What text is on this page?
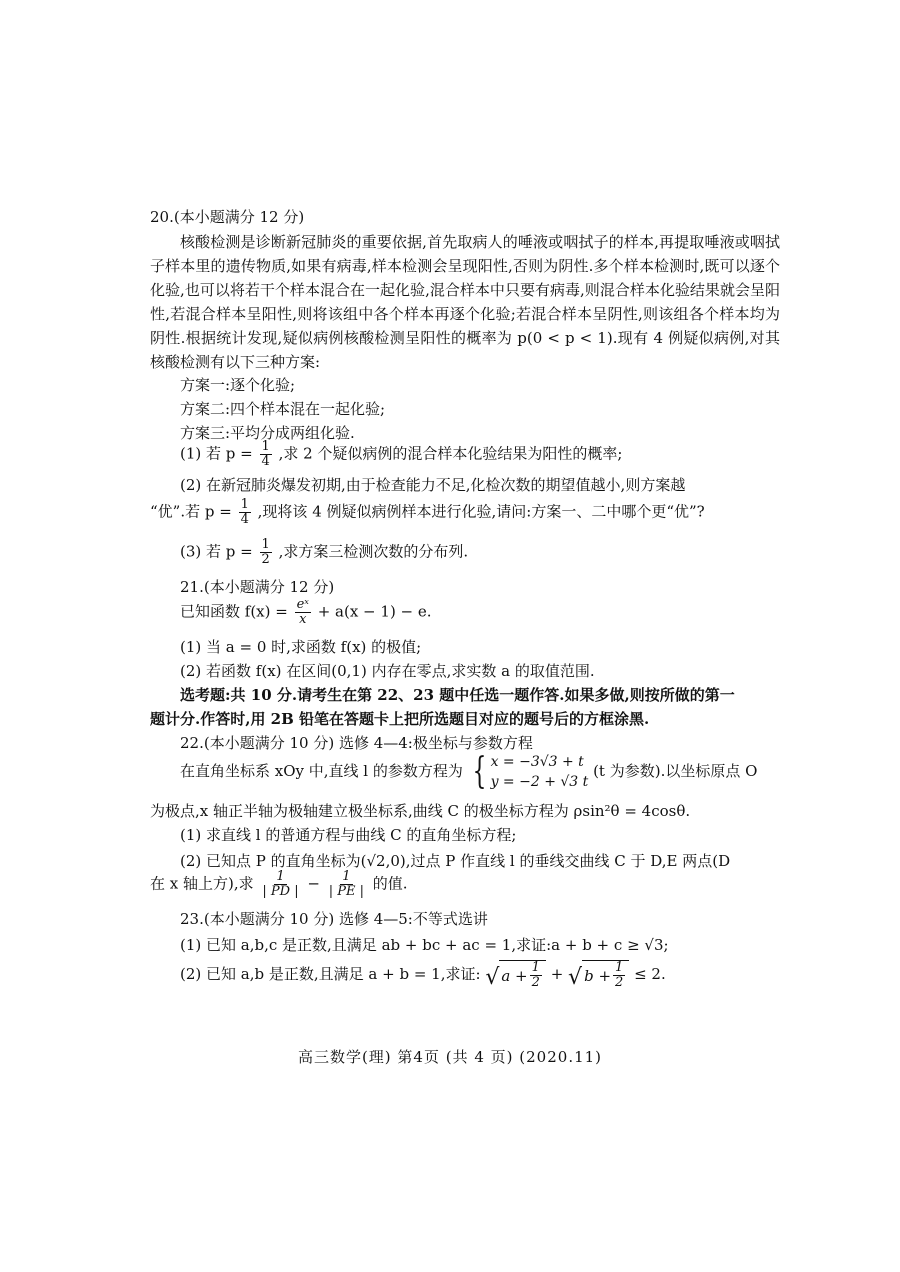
20.(本小题满分 12 分)
核酸检测是诊断新冠肺炎的重要依据,首先取病人的唾液或咽拭子的样本,再提取唾液或咽拭子样本里的遗传物质,如果有病毒,样本检测会呈现阳性,否则为阴性.多个样本检测时,既可以逐个化验,也可以将若干个样本混合在一起化验,混合样本中只要有病毒,则混合样本化验结果就会呈阳性,若混合样本呈阳性,则将该组中各个样本再逐个化验;若混合样本呈阴性,则该组各个样本均为阴性.根据统计发现,疑似病例核酸检测呈阳性的概率为 p(0 < p < 1).现有 4 例疑似病例,对其核酸检测有以下三种方案:
方案一:逐个化验;
方案二:四个样本混在一起化验;
方案三:平均分成两组化验.
(1) 若 $p = \frac{1}{4}$ ,求 2 个疑似病例的混合样本化验结果为阳性的概率;
(2) 在新冠肺炎爆发初期,由于检查能力不足,化检次数的期望值越小,则方案越
“优”.若 $p = \frac{1}{4}$ ,现将该 4 例疑似病例样本进行化验,请问:方案一、二中哪个更“优”?
(3) 若 $p = \frac{1}{2}$ ,求方案三检测次数的分布列.
21.(本小题满分 12 分)
已知函数 $f(x) = \frac{\text{eˣ}}{x} + a(x - 1) - e$.
(1) 当 a = 0 时,求函数 f(x) 的极值;
(2) 若函数 f(x) 在区间(0,1) 内存在零点,求实数 a 的取值范围.
选考题:共 10 分.请考生在第 22、23 题中任选一题作答.如果多做,则按所做的第一
题计分.作答时,用 2B 铅笔在答题卡上把所选题目对应的题号后的方框涂黑.
22.(本小题满分 10 分) 选修 4—4:极坐标与参数方程
在直角坐标系 xOy 中,直线 l 的参数方程为 { x = −3√3 + t
y = −2 + √3 t
(t 为参数).以坐标原点 O
为极点,x 轴正半轴为极轴建立极坐标系,曲线 C 的极坐标方程为 ρsin²θ = 4cosθ.
(1) 求直线 l 的普通方程与曲线 C 的直角坐标方程;
(2) 已知点 P 的直角坐标为(√2,0),过点 P 作直线 l 的垂线交曲线 C 于 D,E 两点(D
在 x 轴上方),求 $\frac{1}{| PD |} - \frac{1}{| PE |}$ 的值.
23.(本小题满分 10 分) 选修 4—5:不等式选讲
(1) 已知 a,b,c 是正数,且满足 ab + bc + ac = 1,求证:a + b + c ≥ √3;
(2) 已知 a,b 是正数,且满足 a + b = 1,求证: √ $a + \frac{1}{2}$ + √ $b + \frac{1}{2} \le 2$.
高三数学(理) 第4页 (共 4 页) (2020.11)
